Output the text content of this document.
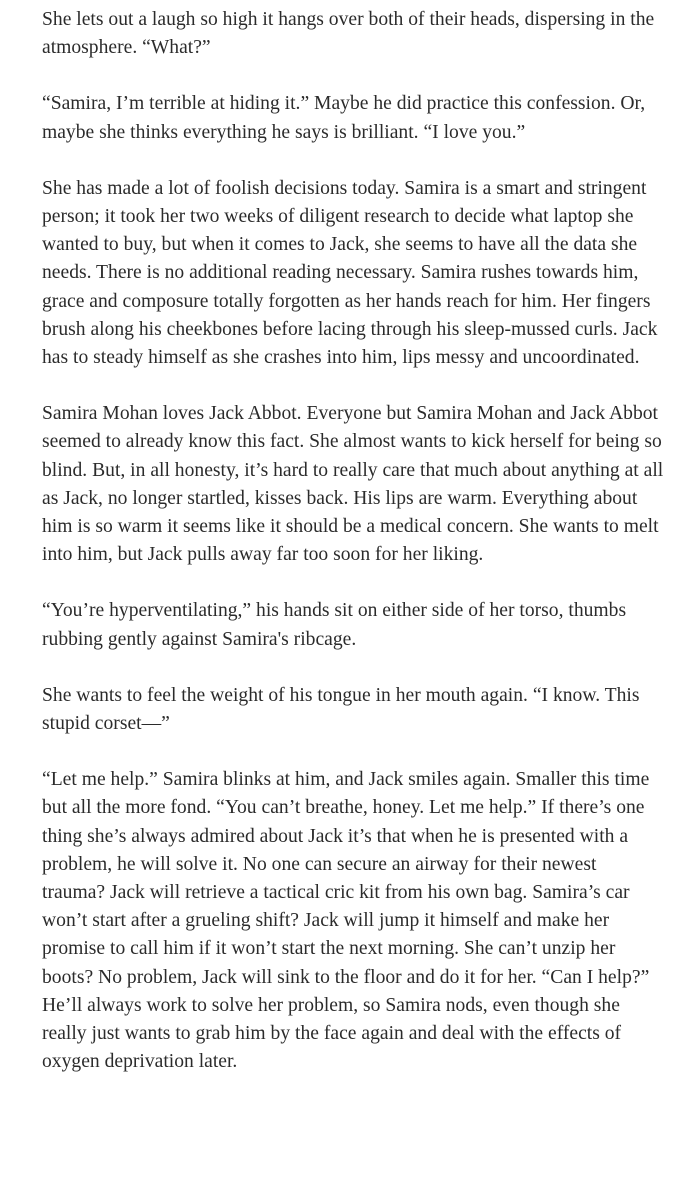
She lets out a laugh so high it hangs over both of their heads, dispersing in the atmosphere. “What?”

“Samira, I’m terrible at hiding it.” Maybe he did practice this confession. Or, maybe she thinks everything he says is brilliant. “I love you.”

She has made a lot of foolish decisions today. Samira is a smart and stringent person; it took her two weeks of diligent research to decide what laptop she wanted to buy, but when it comes to Jack, she seems to have all the data she needs. There is no additional reading necessary. Samira rushes towards him, grace and composure totally forgotten as her hands reach for him. Her fingers brush along his cheekbones before lacing through his sleep-mussed curls. Jack has to steady himself as she crashes into him, lips messy and uncoordinated.

Samira Mohan loves Jack Abbot. Everyone but Samira Mohan and Jack Abbot seemed to already know this fact. She almost wants to kick herself for being so blind. But, in all honesty, it’s hard to really care that much about anything at all as Jack, no longer startled, kisses back. His lips are warm. Everything about him is so warm it seems like it should be a medical concern. She wants to melt into him, but Jack pulls away far too soon for her liking.

“You’re hyperventilating,” his hands sit on either side of her torso, thumbs rubbing gently against Samira's ribcage.

She wants to feel the weight of his tongue in her mouth again. “I know. This stupid corset—”

“Let me help.” Samira blinks at him, and Jack smiles again. Smaller this time but all the more fond. “You can’t breathe, honey. Let me help.” If there’s one thing she’s always admired about Jack it’s that when he is presented with a problem, he will solve it. No one can secure an airway for their newest trauma? Jack will retrieve a tactical cric kit from his own bag. Samira’s car won’t start after a grueling shift? Jack will jump it himself and make her promise to call him if it won’t start the next morning. She can’t unzip her boots? No problem, Jack will sink to the floor and do it for her. “Can I help?” He’ll always work to solve her problem, so Samira nods, even though she really just wants to grab him by the face again and deal with the effects of oxygen deprivation later.
